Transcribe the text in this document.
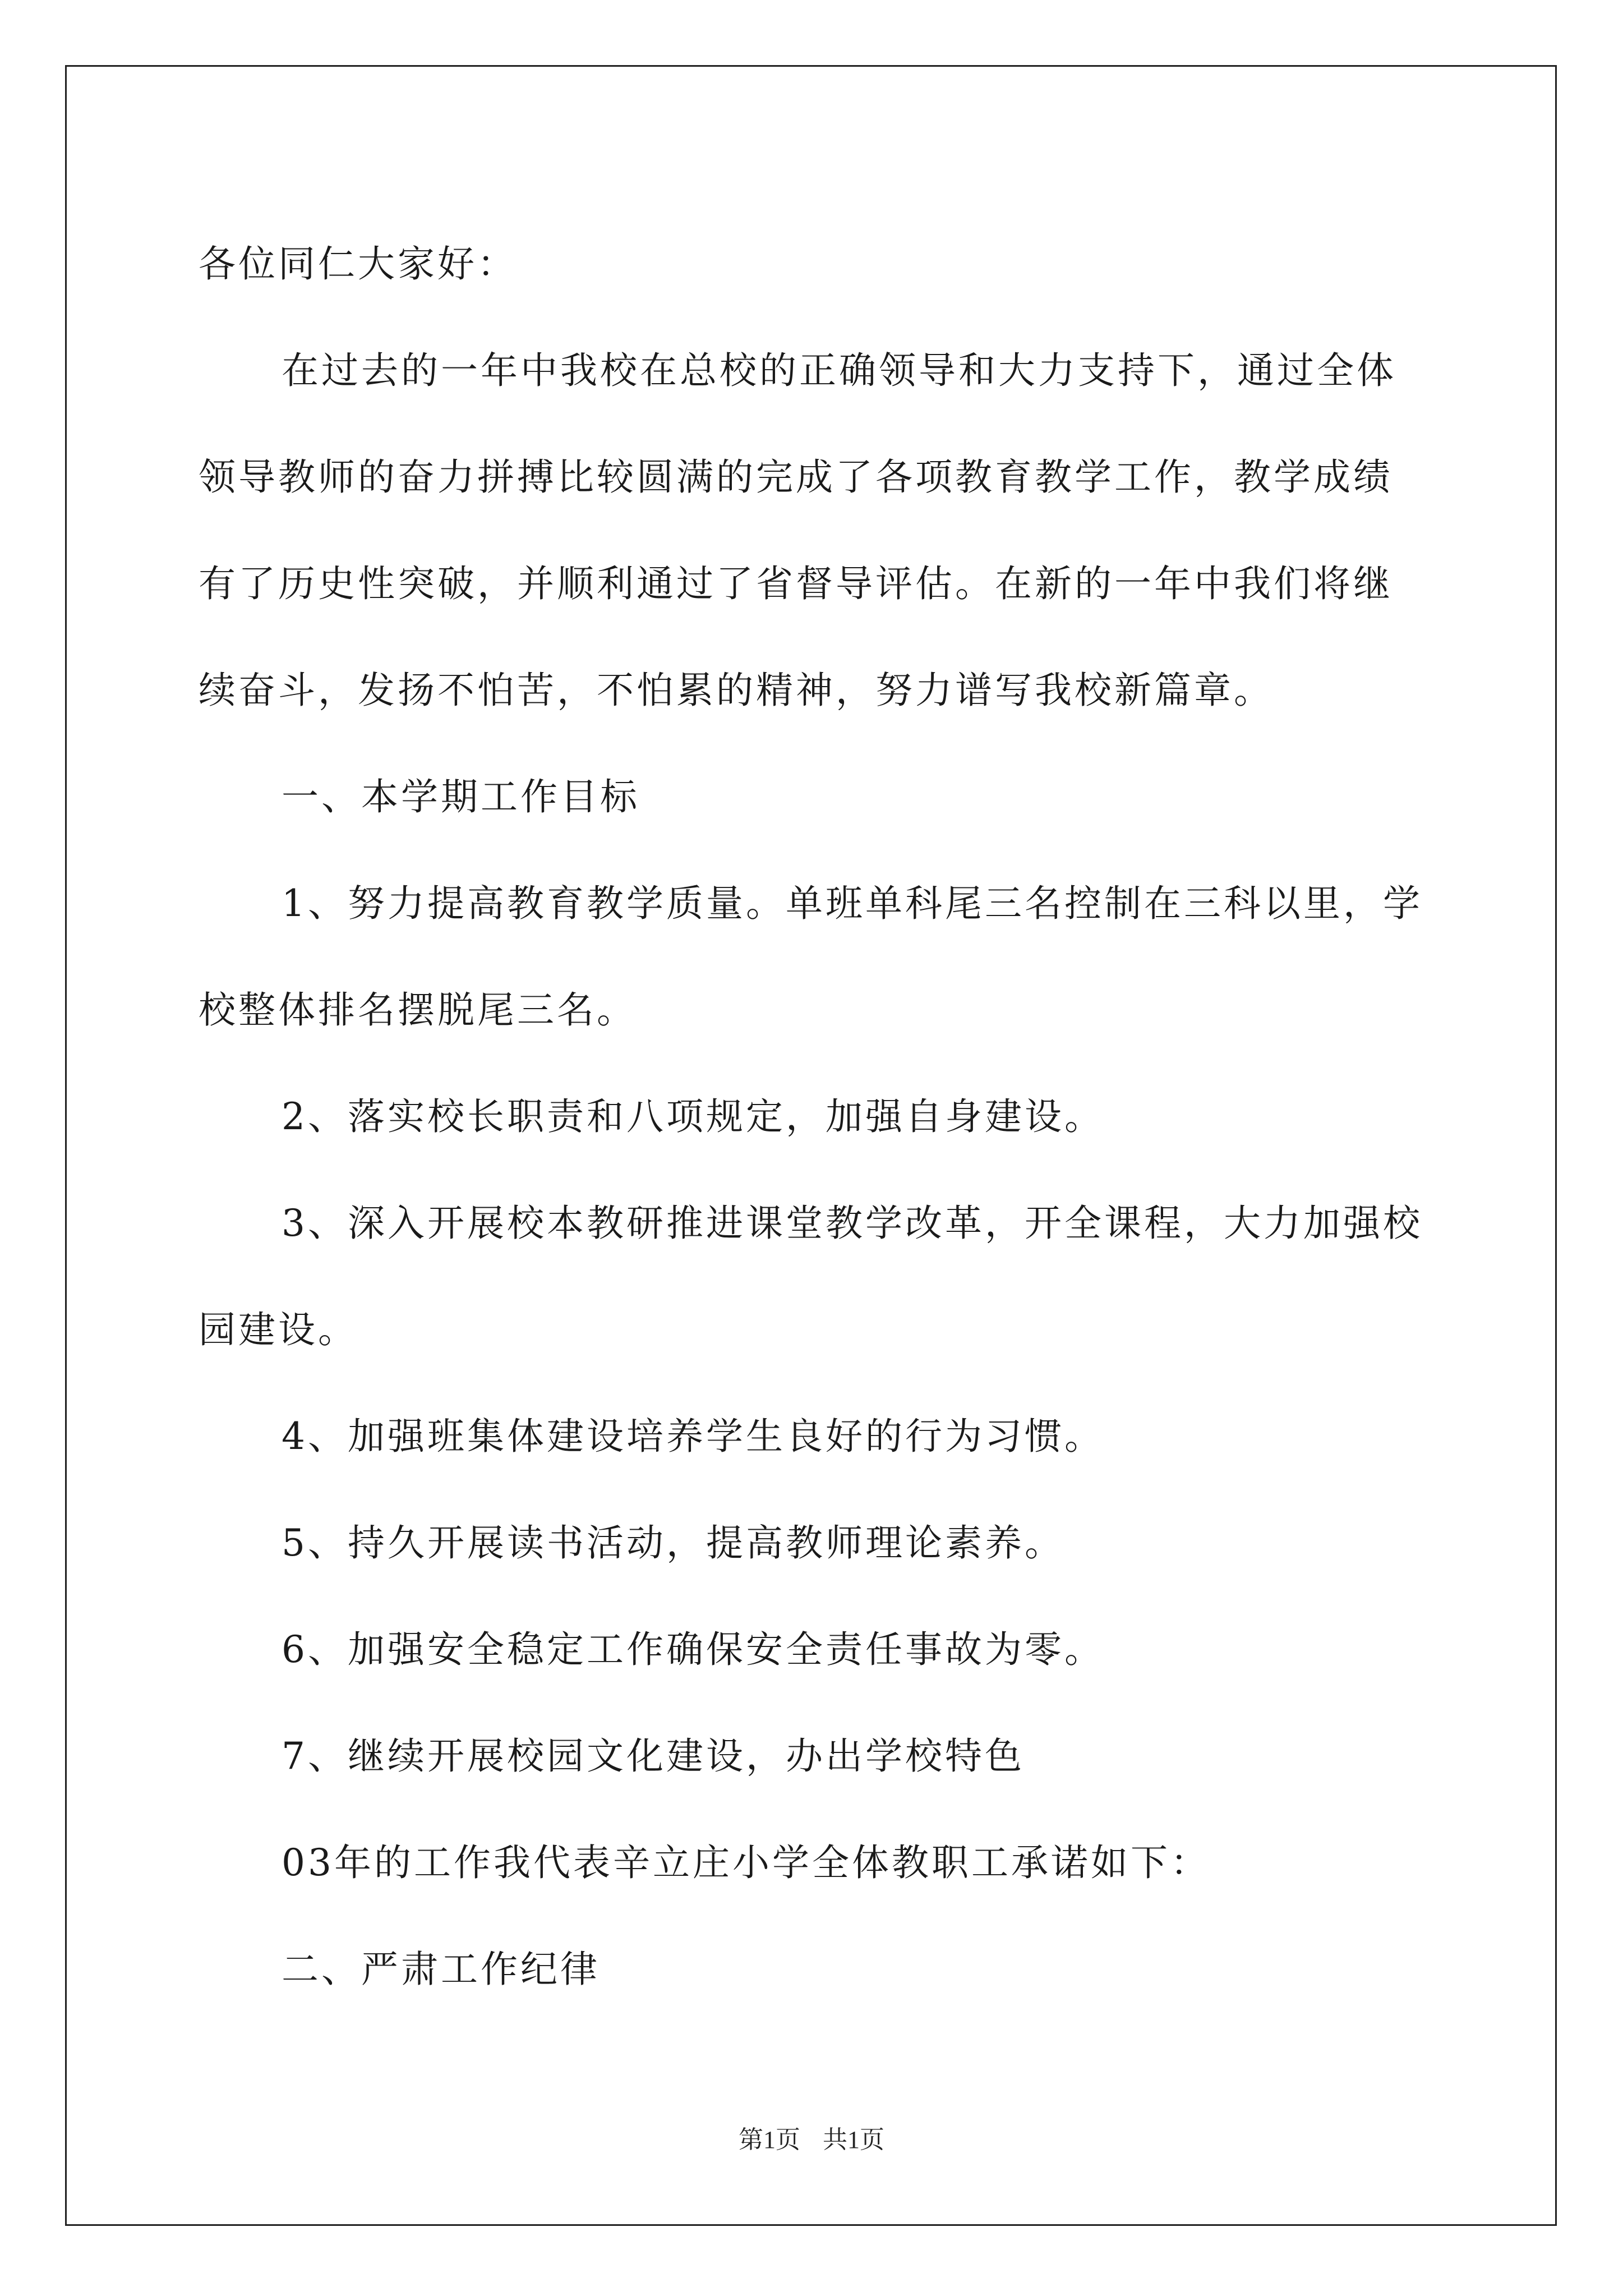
各位同仁大家好：

在过去的一年中我校在总校的正确领导和大力支持下，通过全体领导教师的奋力拼搏比较圆满的完成了各项教育教学工作，教学成绩有了历史性突破，并顺利通过了省督导评估。在新的一年中我们将继续奋斗，发扬不怕苦，不怕累的精神，努力谱写我校新篇章。

一、本学期工作目标

1、努力提高教育教学质量。单班单科尾三名控制在三科以里，学校整体排名摆脱尾三名。

2、落实校长职责和八项规定，加强自身建设。

3、深入开展校本教研推进课堂教学改革，开全课程，大力加强校园建设。

4、加强班集体建设培养学生良好的行为习惯。

5、持久开展读书活动，提高教师理论素养。

6、加强安全稳定工作确保安全责任事故为零。

7、继续开展校园文化建设，办出学校特色

03年的工作我代表辛立庄小学全体教职工承诺如下：

二、严肃工作纪律

第1页 共1页
